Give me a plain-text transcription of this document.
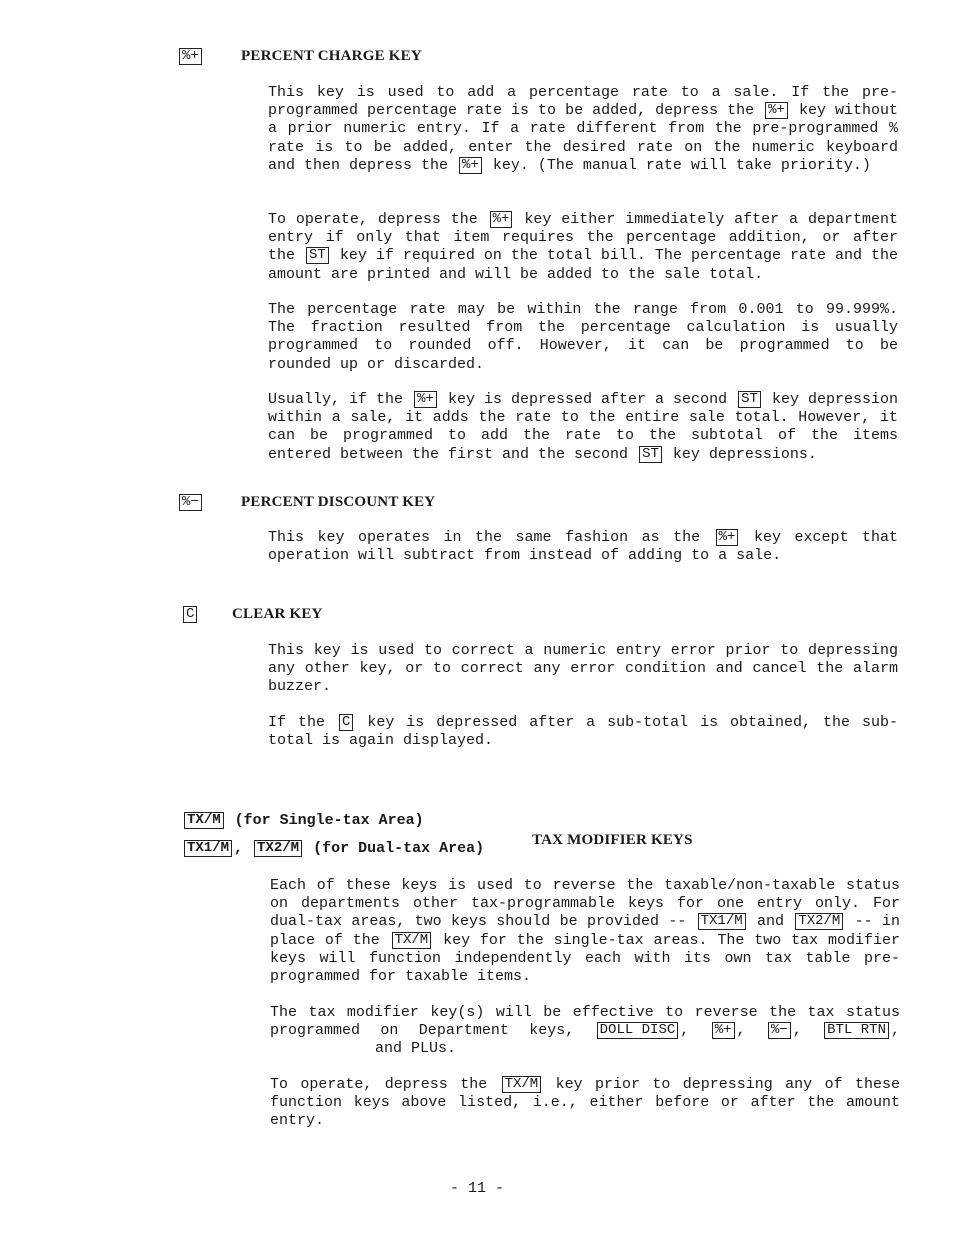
%+	PERCENT CHARGE KEY

This key is used to add a percentage rate to a sale. If the pre-programmed percentage rate is to be added, depress the %+ key without a prior numeric entry. If a rate different from the pre-programmed % rate is to be added, enter the desired rate on the numeric keyboard and then depress the %+ key. (The manual rate will take priority.)

To operate, depress the %+ key either immediately after a department entry if only that item requires the percentage addition, or after the ST key if required on the total bill. The percentage rate and the amount are printed and will be added to the sale total.

The percentage rate may be within the range from 0.001 to 99.999%. The fraction resulted from the percentage calculation is usually programmed to rounded off. However, it can be programmed to be rounded up or discarded.

Usually, if the %+ key is depressed after a second ST key depression within a sale, it adds the rate to the entire sale total. However, it can be programmed to add the rate to the subtotal of the items entered between the first and the second ST key depressions.

%−	PERCENT DISCOUNT KEY

This key operates in the same fashion as the %+ key except that operation will subtract from instead of adding to a sale.

C	CLEAR KEY

This key is used to correct a numeric entry error prior to depressing any other key, or to correct any error condition and cancel the alarm buzzer.

If the C key is depressed after a sub-total is obtained, the sub-total is again displayed.

TX/M (for Single-tax Area)
TX1/M , TX2/M (for Dual-tax Area)	TAX MODIFIER KEYS

Each of these keys is used to reverse the taxable/non-taxable status on departments other tax-programmable keys for one entry only. For dual-tax areas, two keys should be provided -- TX1/M and TX2/M -- in place of the TX/M key for the single-tax areas. The two tax modifier keys will function independently each with its own tax table pre-programmed for taxable items.

The tax modifier key(s) will be effective to reverse the tax status programmed on Department keys, DOLL DISC , %+ , %− , BTL RTN ,  and PLUs.

To operate, depress the TX/M key prior to depressing any of these function keys above listed, i.e., either before or after the amount entry.

- 11 -
